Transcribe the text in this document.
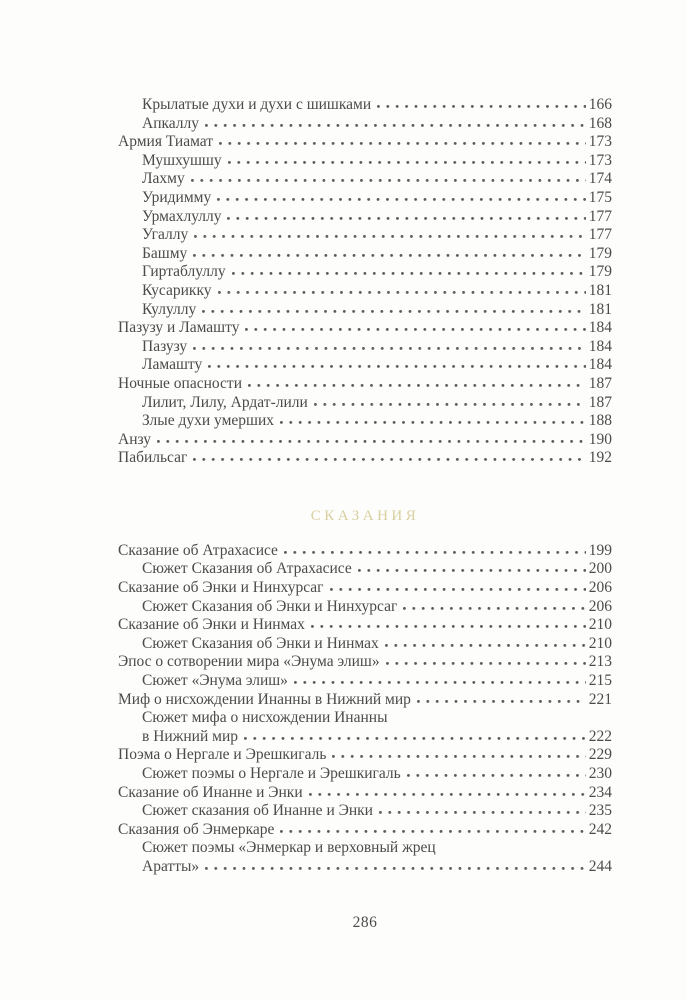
Крылатые духи и духи с шишками	166
Апкаллу	168
Армия Тиамат	173
Мушхушшу	173
Лахму	174
Уридимму	175
Урмахлуллу	177
Угаллу	177
Башму	179
Гиртаблуллу	179
Кусарикку	181
Кулуллу	181
Пазузу и Ламашту	184
Пазузу	184
Ламашту	184
Ночные опасности	187
Лилит, Лилу, Ардат-лили	187
Злые духи умерших	188
Анзу	190
Пабильсаг	192
СКАЗАНИЯ
Сказание об Атрахасисе	199
Сюжет Сказания об Атрахасисе	200
Сказание об Энки и Нинхурсаг	206
Сюжет Сказания об Энки и Нинхурсаг	206
Сказание об Энки и Нинмах	210
Сюжет Сказания об Энки и Нинмах	210
Эпос о сотворении мира «Энума элиш»	213
Сюжет «Энума элиш»	215
Миф о нисхождении Инанны в Нижний мир	221
Сюжет мифа о нисхождении Инанны
в Нижний мир	222
Поэма о Нергале и Эрешкигаль	229
Сюжет поэмы о Нергале и Эрешкигаль	230
Сказание об Инанне и Энки	234
Сюжет сказания об Инанне и Энки	235
Сказания об Энмеркаре	242
Сюжет поэмы «Энмеркар и верховный жрец
Аратты»	244
286
